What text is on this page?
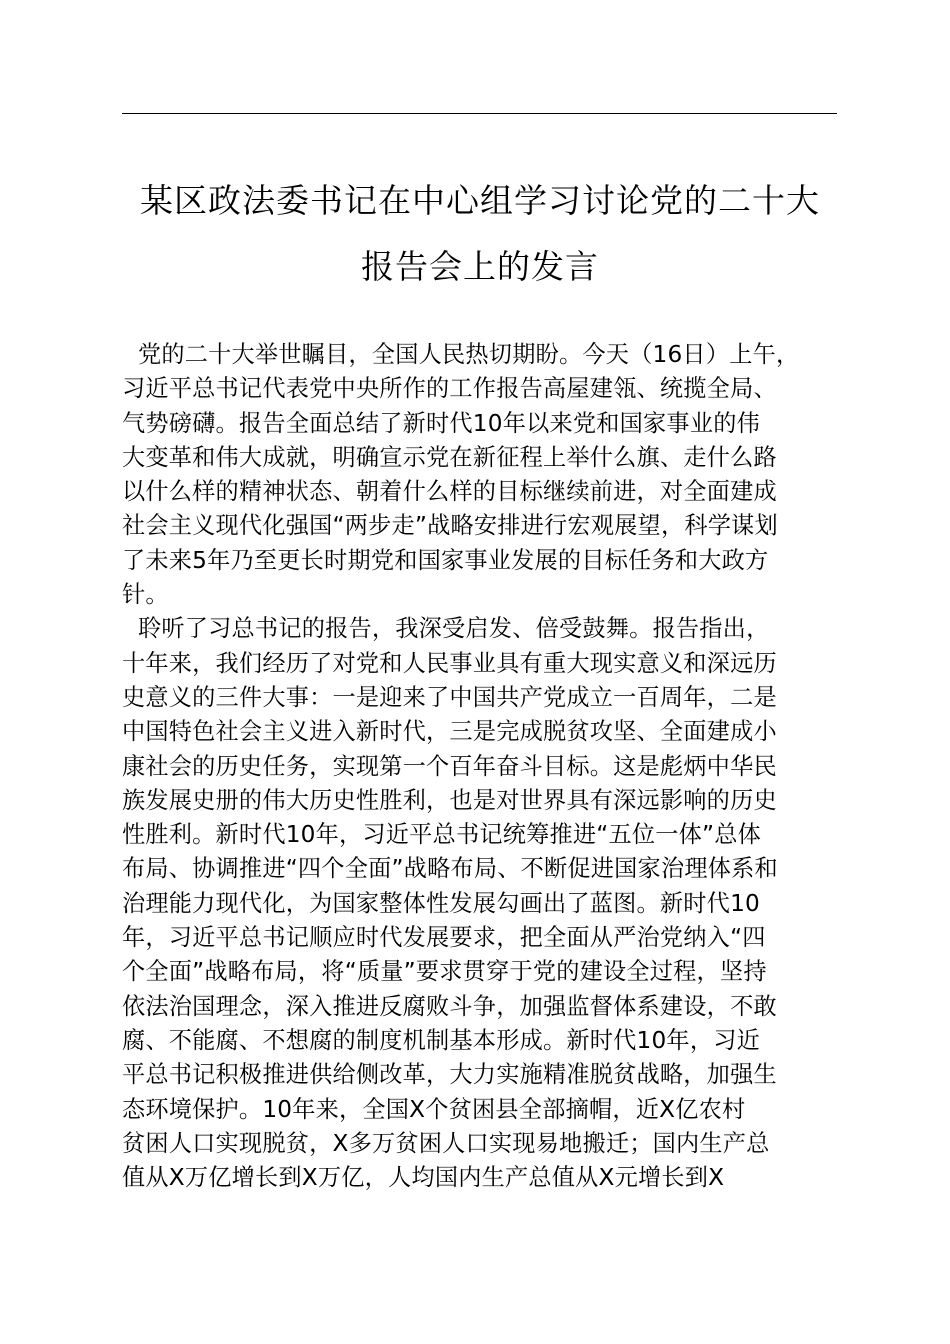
某区政法委书记在中心组学习讨论党的二十大
报告会上的发言
党的二十大举世瞩目，全国人民热切期盼。今天（16日）上午，
习近平总书记代表党中央所作的工作报告高屋建瓴、统揽全局、
气势磅礴。报告全面总结了新时代10年以来党和国家事业的伟
大变革和伟大成就，明确宣示党在新征程上举什么旗、走什么路
以什么样的精神状态、朝着什么样的目标继续前进，对全面建成
社会主义现代化强国“两步走”战略安排进行宏观展望，科学谋划
了未来5年乃至更长时期党和国家事业发展的目标任务和大政方
针。
聆听了习总书记的报告，我深受启发、倍受鼓舞。报告指出，
十年来，我们经历了对党和人民事业具有重大现实意义和深远历
史意义的三件大事：一是迎来了中国共产党成立一百周年，二是
中国特色社会主义进入新时代，三是完成脱贫攻坚、全面建成小
康社会的历史任务，实现第一个百年奋斗目标。这是彪炳中华民
族发展史册的伟大历史性胜利，也是对世界具有深远影响的历史
性胜利。新时代10年，习近平总书记统筹推进“五位一体”总体
布局、协调推进“四个全面”战略布局、不断促进国家治理体系和
治理能力现代化，为国家整体性发展勾画出了蓝图。新时代10
年，习近平总书记顺应时代发展要求，把全面从严治党纳入“四
个全面”战略布局，将“质量”要求贯穿于党的建设全过程，坚持
依法治国理念，深入推进反腐败斗争，加强监督体系建设，不敢
腐、不能腐、不想腐的制度机制基本形成。新时代10年，习近
平总书记积极推进供给侧改革，大力实施精准脱贫战略，加强生
态环境保护。10年来，全国X个贫困县全部摘帽，近X亿农村
贫困人口实现脱贫，X多万贫困人口实现易地搬迁；国内生产总
值从X万亿增长到X万亿，人均国内生产总值从X元增长到X
